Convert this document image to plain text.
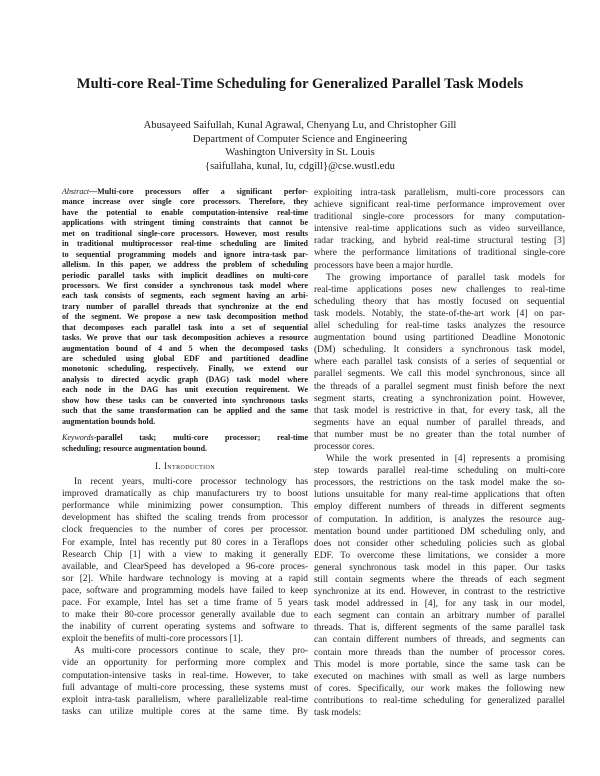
Multi-core Real-Time Scheduling for Generalized Parallel Task Models
Abusayeed Saifullah, Kunal Agrawal, Chenyang Lu, and Christopher Gill
Department of Computer Science and Engineering
Washington University in St. Louis
{saifullaha, kunal, lu, cdgill}@cse.wustl.edu
Abstract—Multi-core processors offer a significant perfor-
mance increase over single core processors. Therefore, they
have the potential to enable computation-intensive real-time
applications with stringent timing constraints that cannot be
met on traditional single-core processors. However, most results
in traditional multiprocessor real-time scheduling are limited
to sequential programming models and ignore intra-task par-
allelism. In this paper, we address the problem of scheduling
periodic parallel tasks with implicit deadlines on multi-core
processors. We first consider a synchronous task model where
each task consists of segments, each segment having an arbi-
trary number of parallel threads that synchronize at the end
of the segment. We propose a new task decomposition method
that decomposes each parallel task into a set of sequential
tasks. We prove that our task decomposition achieves a resource
augmentation bound of 4 and 5 when the decomposed tasks
are scheduled using global EDF and partitioned deadline
monotonic scheduling, respectively. Finally, we extend our
analysis to directed acyclic graph (DAG) task model where
each node in the DAG has unit execution requirement. We
show how these tasks can be converted into synchronous tasks
such that the same transformation can be applied and the same
augmentation bounds hold.
Keywords-parallel task; multi-core processor; real-time
scheduling; resource augmentation bound.
I. Introduction
In recent years, multi-core processor technology has
improved dramatically as chip manufacturers try to boost
performance while minimizing power consumption. This
development has shifted the scaling trends from processor
clock frequencies to the number of cores per processor.
For example, Intel has recently put 80 cores in a Teraflops
Research Chip [1] with a view to making it generally
available, and ClearSpeed has developed a 96-core proces-
sor [2]. While hardware technology is moving at a rapid
pace, software and programming models have failed to keep
pace. For example, Intel has set a time frame of 5 years
to make their 80-core processor generally available due to
the inability of current operating systems and software to
exploit the benefits of multi-core processors [1].
As multi-core processors continue to scale, they pro-
vide an opportunity for performing more complex and
computation-intensive tasks in real-time. However, to take
full advantage of multi-core processing, these systems must
exploit intra-task parallelism, where parallelizable real-time
tasks can utilize multiple cores at the same time. By
exploiting intra-task parallelism, multi-core processors can
achieve significant real-time performance improvement over
traditional single-core processors for many computation-
intensive real-time applications such as video surveillance,
radar tracking, and hybrid real-time structural testing [3]
where the performance limitations of traditional single-core
processors have been a major hurdle.
The growing importance of parallel task models for
real-time applications poses new challenges to real-time
scheduling theory that has mostly focused on sequential
task models. Notably, the state-of-the-art work [4] on par-
allel scheduling for real-time tasks analyzes the resource
augmentation bound using partitioned Deadline Monotonic
(DM) scheduling. It considers a synchronous task model,
where each parallel task consists of a series of sequential or
parallel segments. We call this model synchronous, since all
the threads of a parallel segment must finish before the next
segment starts, creating a synchronization point. However,
that task model is restrictive in that, for every task, all the
segments have an equal number of parallel threads, and
that number must be no greater than the total number of
processor cores.
While the work presented in [4] represents a promising
step towards parallel real-time scheduling on multi-core
processors, the restrictions on the task model make the so-
lutions unsuitable for many real-time applications that often
employ different numbers of threads in different segments
of computation. In addition, is analyzes the resource aug-
mentation bound under partitioned DM scheduling only, and
does not consider other scheduling policies such as global
EDF. To overcome these limitations, we consider a more
general synchronous task model in this paper. Our tasks
still contain segments where the threads of each segment
synchronize at its end. However, in contrast to the restrictive
task model addressed in [4], for any task in our model,
each segment can contain an arbitrary number of parallel
threads. That is, different segments of the same parallel task
can contain different numbers of threads, and segments can
contain more threads than the number of processor cores.
This model is more portable, since the same task can be
executed on machines with small as well as large numbers
of cores. Specifically, our work makes the following new
contributions to real-time scheduling for generalized parallel
task models:
